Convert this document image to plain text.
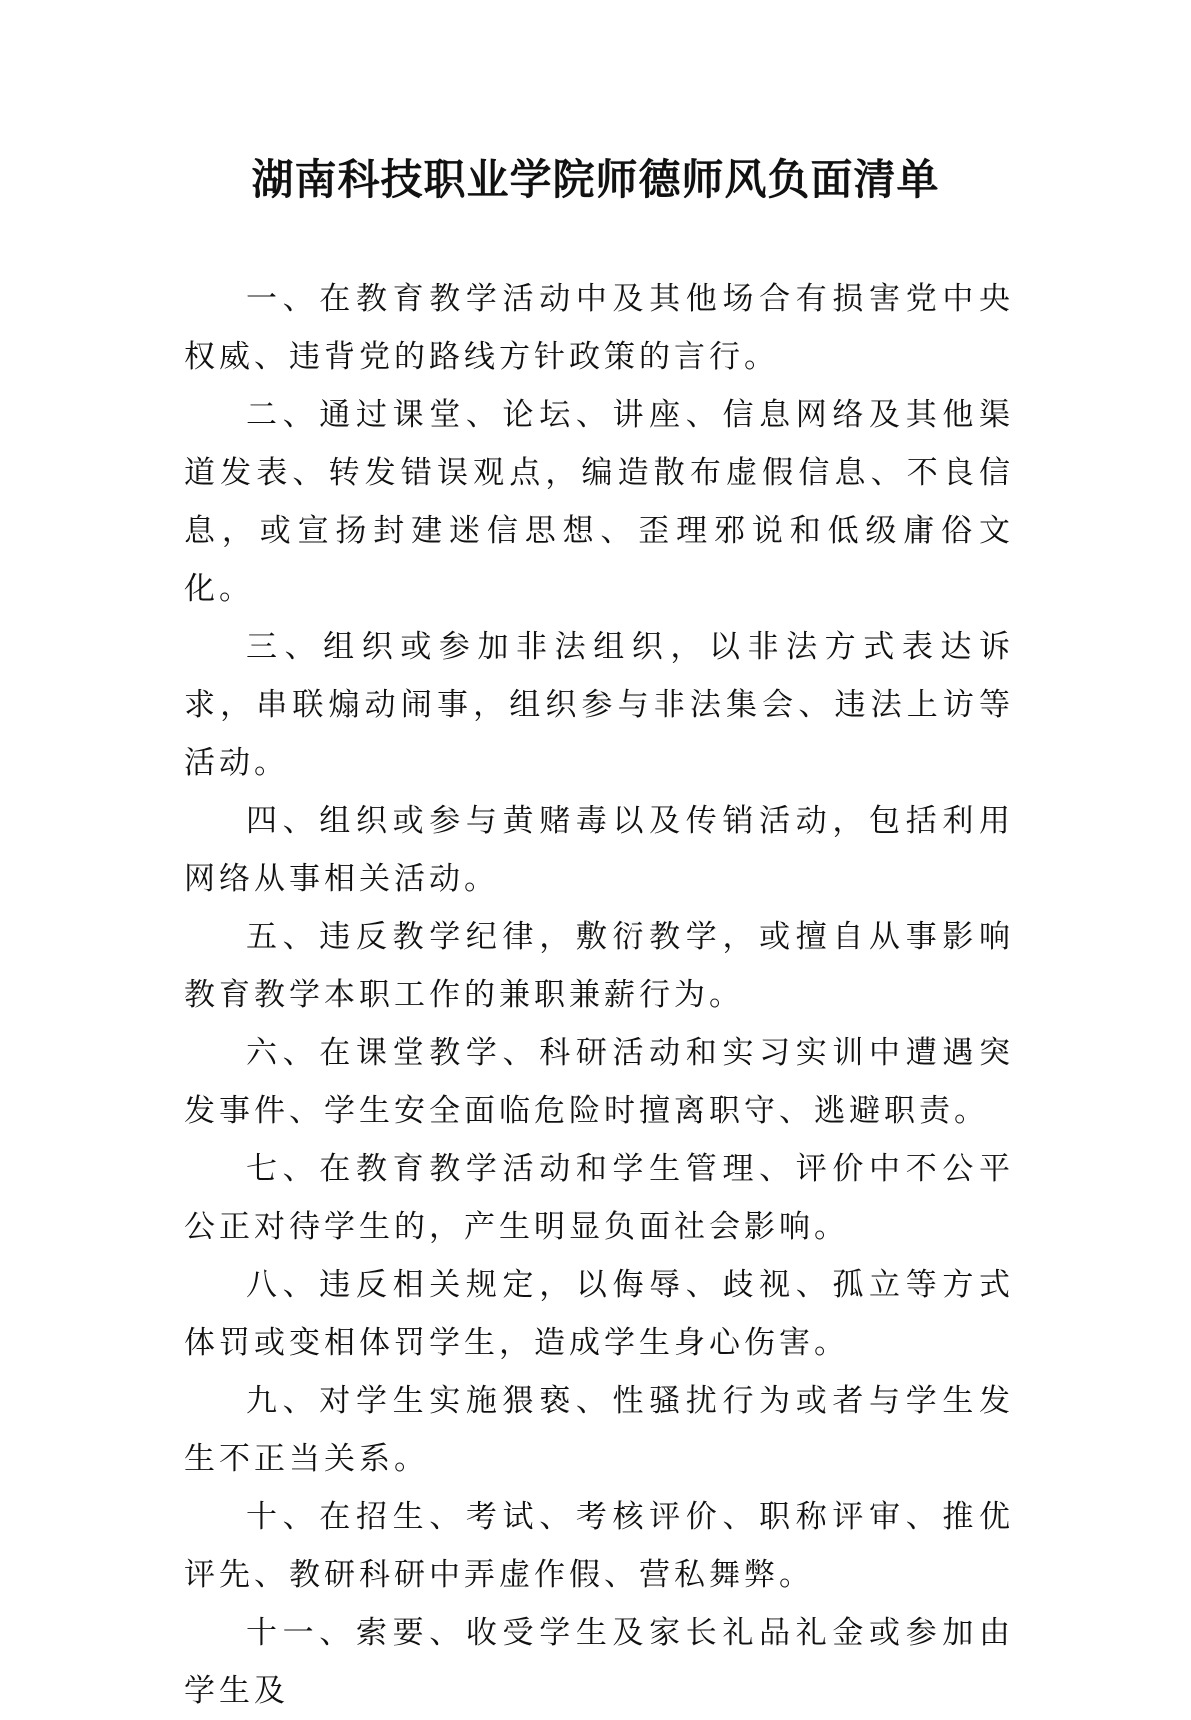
湖南科技职业学院师德师风负面清单

一、在教育教学活动中及其他场合有损害党中央权威、违背党的路线方针政策的言行。

二、通过课堂、论坛、讲座、信息网络及其他渠道发表、转发错误观点，编造散布虚假信息、不良信息，或宣扬封建迷信思想、歪理邪说和低级庸俗文化。

三、组织或参加非法组织，以非法方式表达诉求，串联煽动闹事，组织参与非法集会、违法上访等活动。

四、组织或参与黄赌毒以及传销活动，包括利用网络从事相关活动。

五、违反教学纪律，敷衍教学，或擅自从事影响教育教学本职工作的兼职兼薪行为。

六、在课堂教学、科研活动和实习实训中遭遇突发事件、学生安全面临危险时擅离职守、逃避职责。

七、在教育教学活动和学生管理、评价中不公平公正对待学生的，产生明显负面社会影响。

八、违反相关规定，以侮辱、歧视、孤立等方式体罚或变相体罚学生，造成学生身心伤害。

九、对学生实施猥亵、性骚扰行为或者与学生发生不正当关系。

十、在招生、考试、考核评价、职称评审、推优评先、教研科研中弄虚作假、营私舞弊。

十一、索要、收受学生及家长礼品礼金或参加由学生及
